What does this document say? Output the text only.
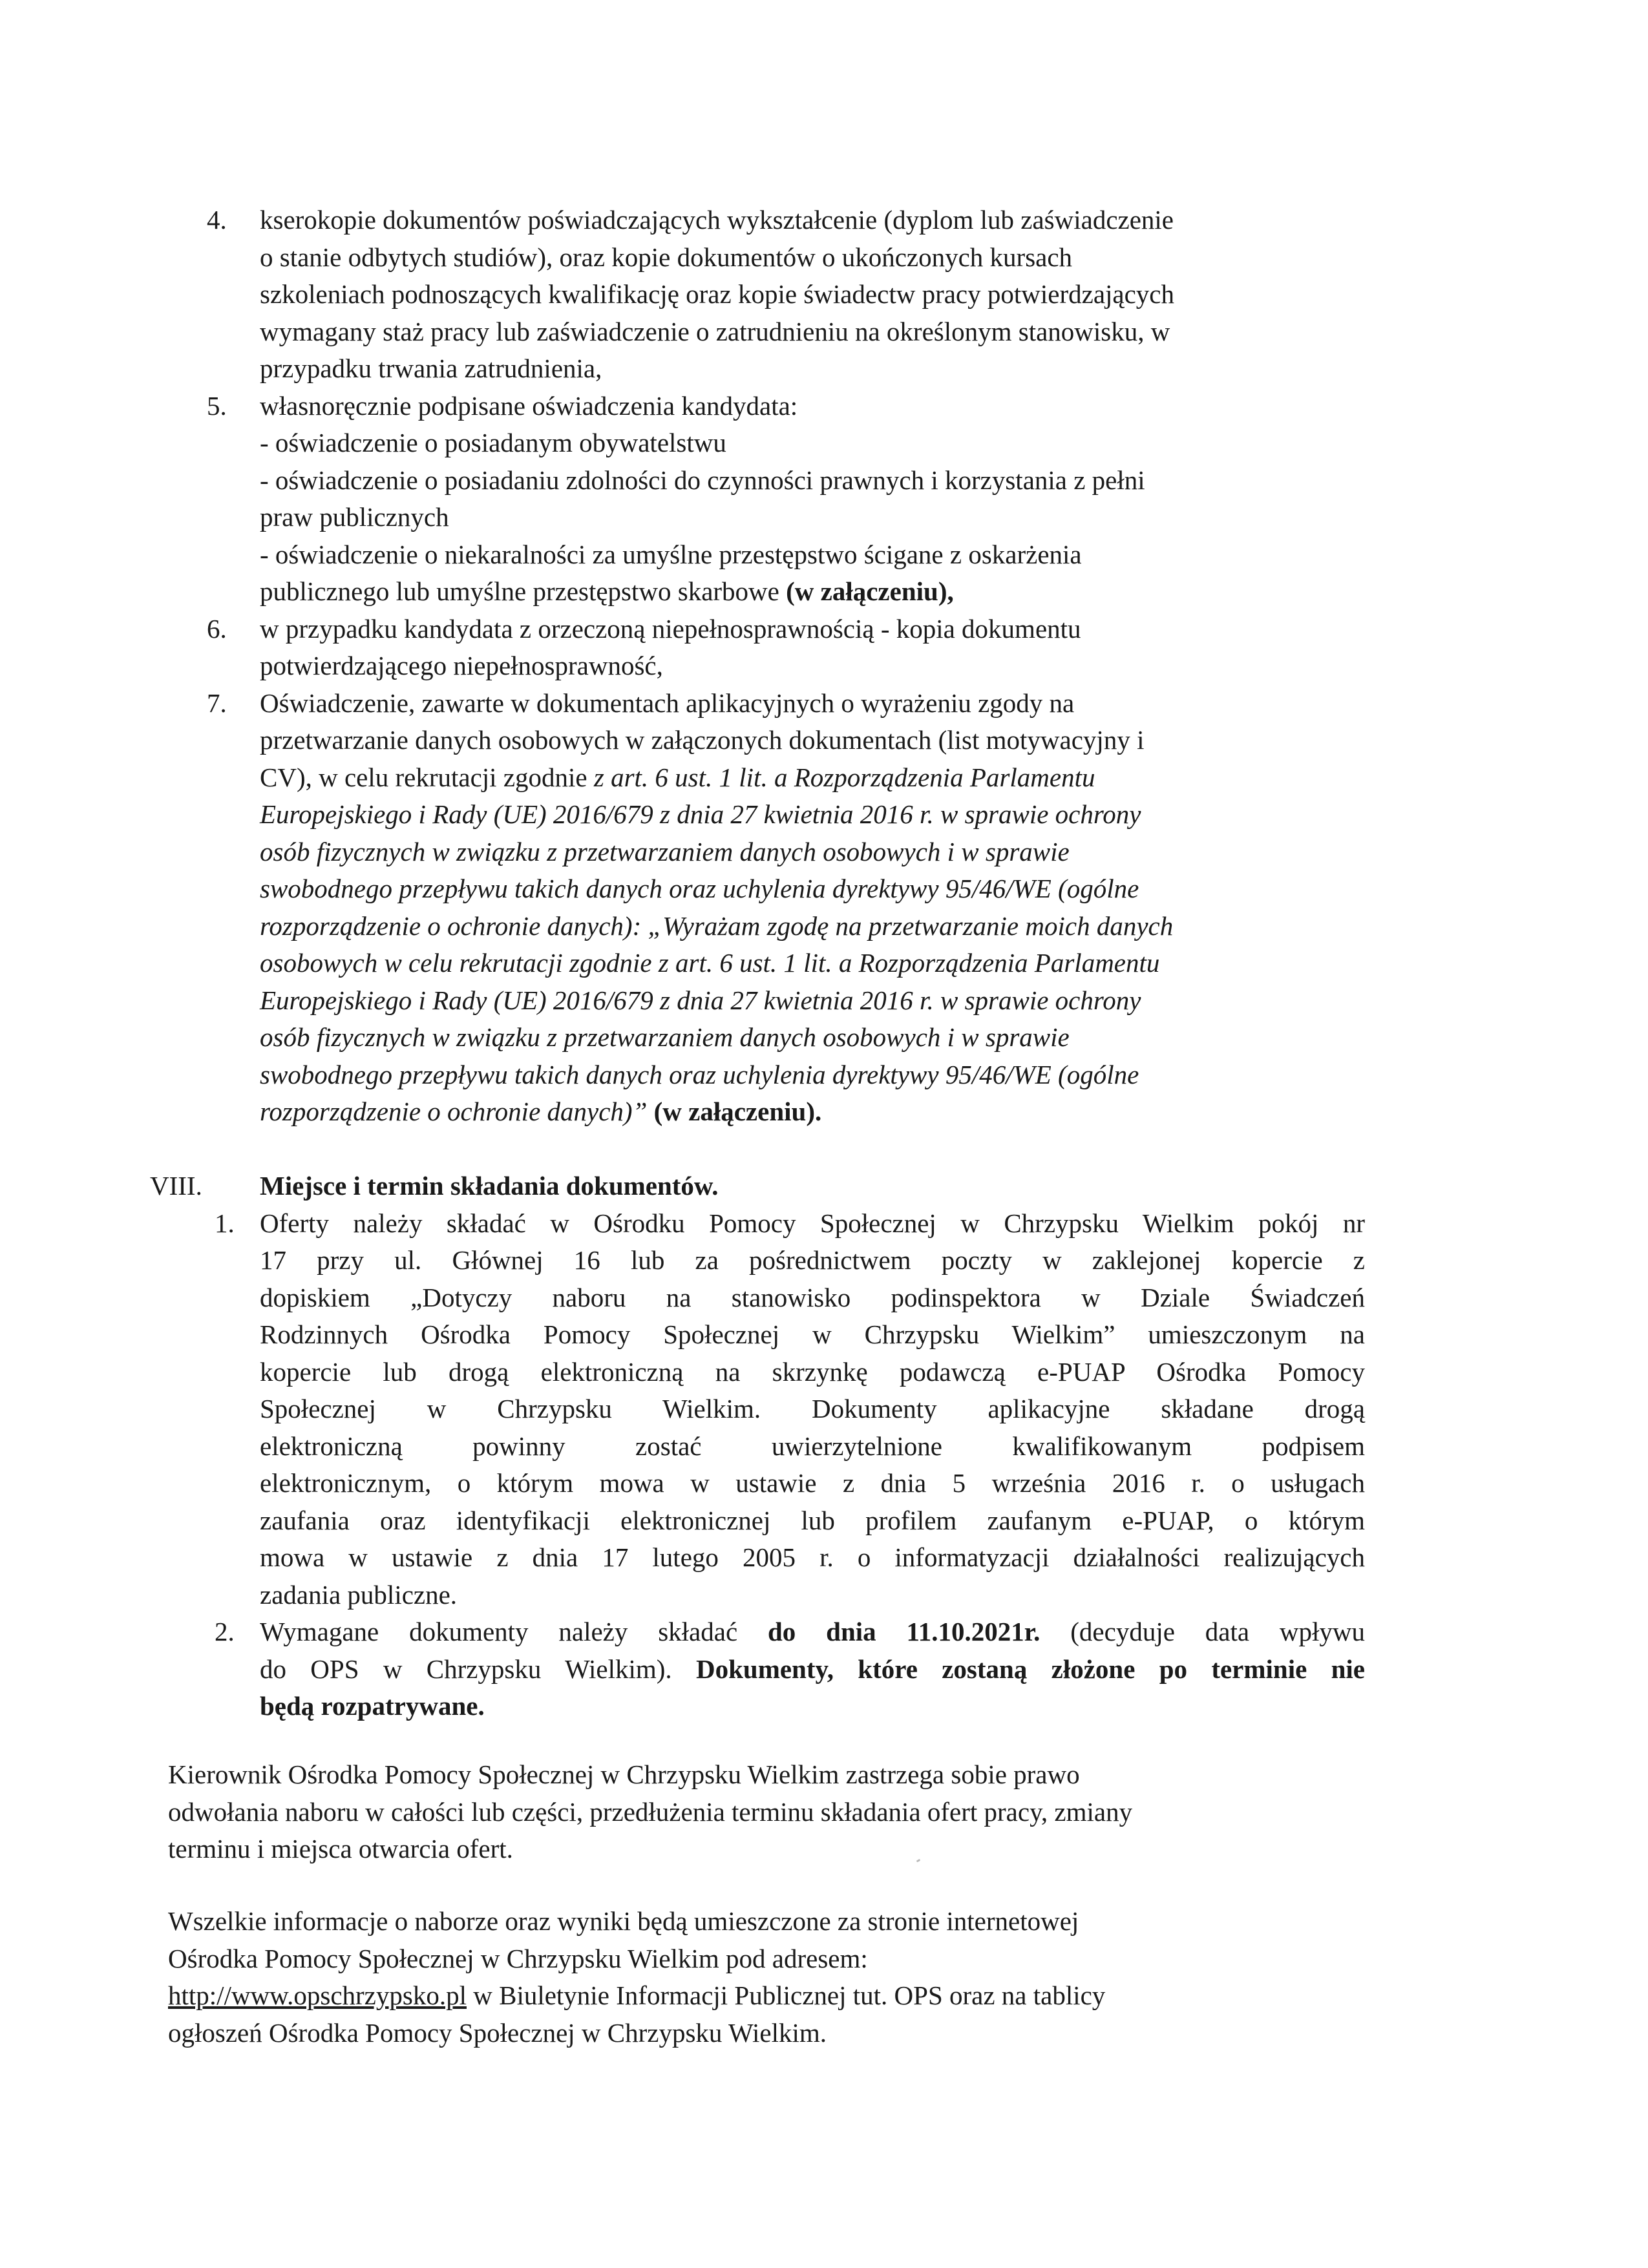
4. kserokopie dokumentów poświadczających wykształcenie (dyplom lub zaświadczenie
o stanie odbytych studiów), oraz kopie dokumentów o ukończonych kursach
szkoleniach podnoszących kwalifikację oraz kopie świadectw pracy potwierdzających
wymagany staż pracy lub zaświadczenie o zatrudnieniu na określonym stanowisku, w
przypadku trwania zatrudnienia,
5. własnoręcznie podpisane oświadczenia kandydata:
- oświadczenie o posiadanym obywatelstwu
- oświadczenie o posiadaniu zdolności do czynności prawnych i korzystania z pełni
praw publicznych
- oświadczenie o niekaralności za umyślne przestępstwo ścigane z oskarżenia
publicznego lub umyślne przestępstwo skarbowe (w załączeniu),
6. w przypadku kandydata z orzeczoną niepełnosprawnością - kopia dokumentu
potwierdzającego niepełnosprawność,
7. Oświadczenie, zawarte w dokumentach aplikacyjnych o wyrażeniu zgody na
przetwarzanie danych osobowych w załączonych dokumentach (list motywacyjny i
CV), w celu rekrutacji zgodnie z art. 6 ust. 1 lit. a Rozporządzenia Parlamentu
Europejskiego i Rady (UE) 2016/679 z dnia 27 kwietnia 2016 r. w sprawie ochrony
osób fizycznych w związku z przetwarzaniem danych osobowych i w sprawie
swobodnego przepływu takich danych oraz uchylenia dyrektywy 95/46/WE (ogólne
rozporządzenie o ochronie danych): „Wyrażam zgodę na przetwarzanie moich danych
osobowych w celu rekrutacji zgodnie z art. 6 ust. 1 lit. a Rozporządzenia Parlamentu
Europejskiego i Rady (UE) 2016/679 z dnia 27 kwietnia 2016 r. w sprawie ochrony
osób fizycznych w związku z przetwarzaniem danych osobowych i w sprawie
swobodnego przepływu takich danych oraz uchylenia dyrektywy 95/46/WE (ogólne
rozporządzenie o ochronie danych)” (w załączeniu).
VIII. Miejsce i termin składania dokumentów.
1. Oferty należy składać w Ośrodku Pomocy Społecznej w Chrzypsku Wielkim pokój nr
17 przy ul. Głównej 16 lub za pośrednictwem poczty w zaklejonej kopercie z
dopiskiem „Dotyczy naboru na stanowisko podinspektora w Dziale Świadczeń
Rodzinnych Ośrodka Pomocy Społecznej w Chrzypsku Wielkim” umieszczonym na
kopercie lub drogą elektroniczną na skrzynkę podawczą e-PUAP Ośrodka Pomocy
Społecznej w Chrzypsku Wielkim. Dokumenty aplikacyjne składane drogą
elektroniczną powinny zostać uwierzytelnione kwalifikowanym podpisem
elektronicznym, o którym mowa w ustawie z dnia 5 września 2016 r. o usługach
zaufania oraz identyfikacji elektronicznej lub profilem zaufanym e-PUAP, o którym
mowa w ustawie z dnia 17 lutego 2005 r. o informatyzacji działalności realizujących
zadania publiczne.
2. Wymagane dokumenty należy składać do dnia 11.10.2021r. (decyduje data wpływu
do OPS w Chrzypsku Wielkim). Dokumenty, które zostaną złożone po terminie nie
będą rozpatrywane.
Kierownik Ośrodka Pomocy Społecznej w Chrzypsku Wielkim zastrzega sobie prawo
odwołania naboru w całości lub części, przedłużenia terminu składania ofert pracy, zmiany
terminu i miejsca otwarcia ofert.
Wszelkie informacje o naborze oraz wyniki będą umieszczone za stronie internetowej
Ośrodka Pomocy Społecznej w Chrzypsku Wielkim pod adresem:
http://www.opschrzypsko.pl w Biuletynie Informacji Publicznej tut. OPS oraz na tablicy
ogłoszeń Ośrodka Pomocy Społecznej w Chrzypsku Wielkim.
